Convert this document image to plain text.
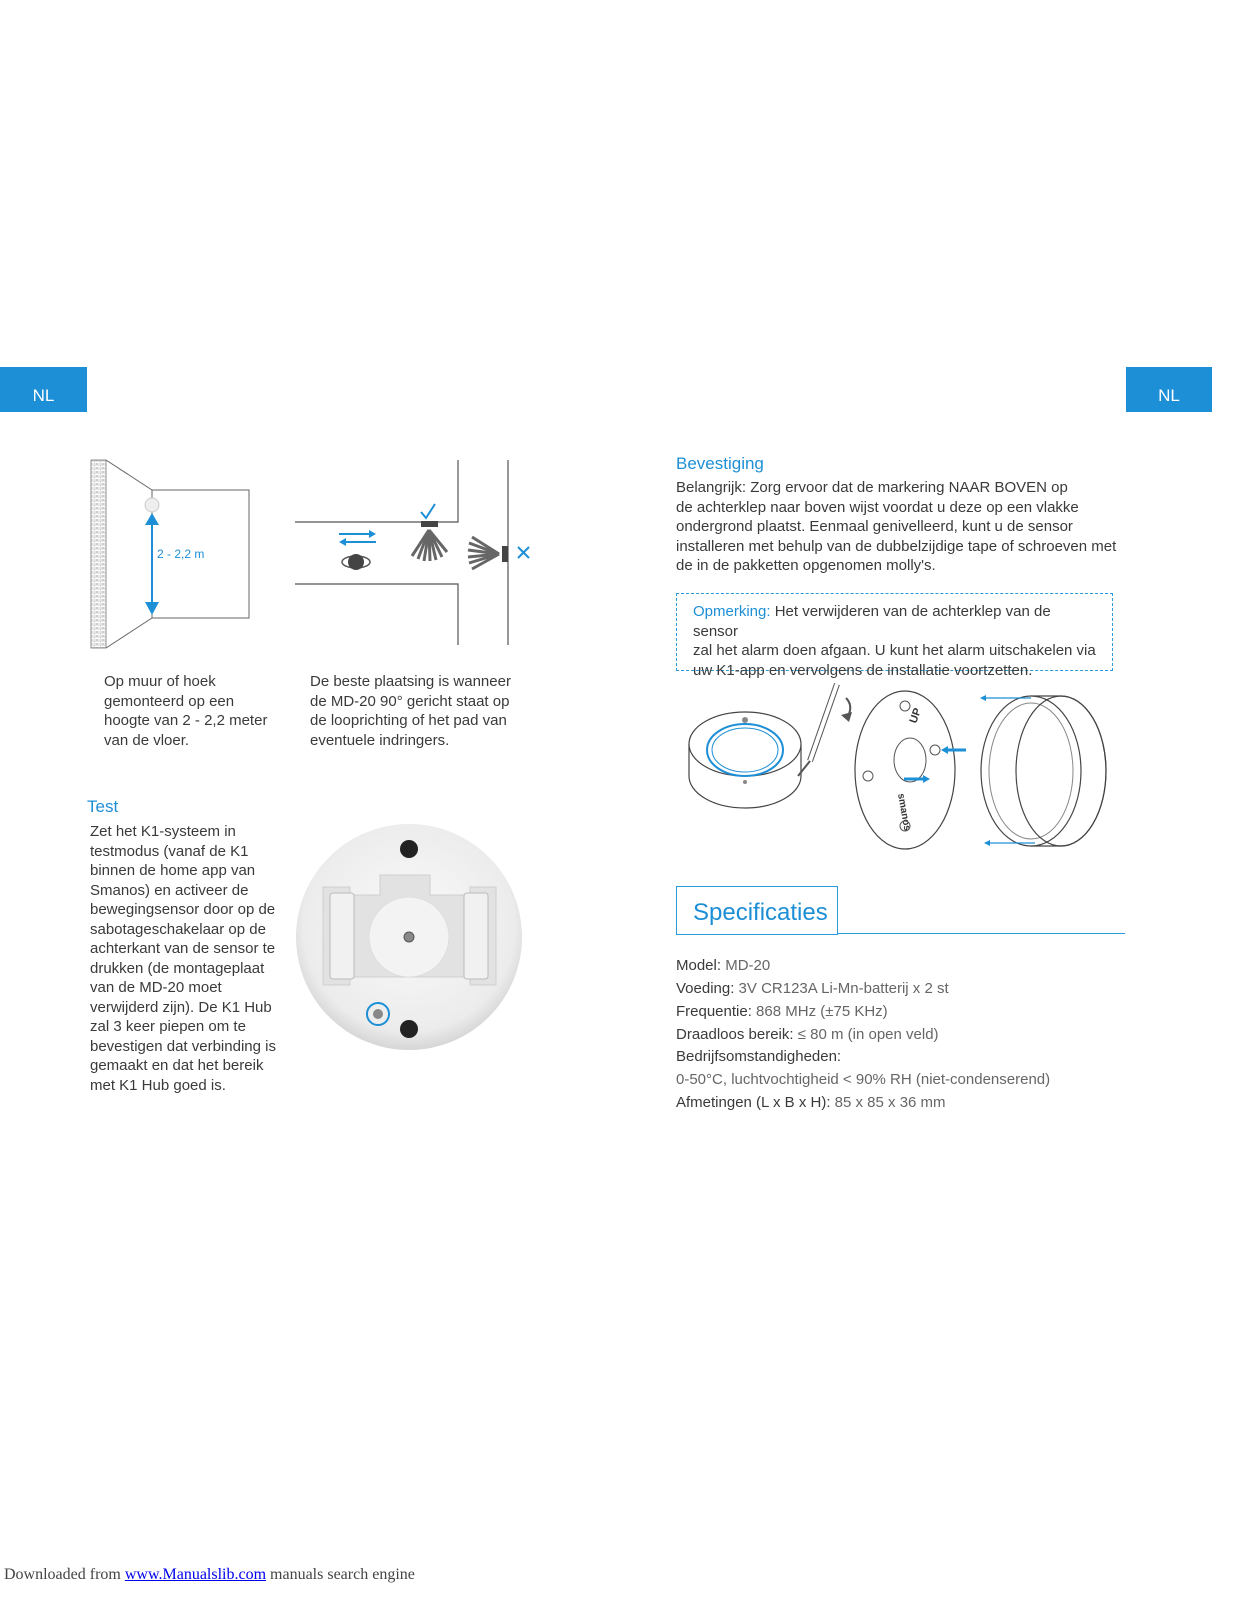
NL	NL
2 - 2,2 m
Op muur of hoek
gemonteerd op een
hoogte van 2 - 2,2 meter
van de vloer.
De beste plaatsing is wanneer
de MD-20 90° gericht staat op
de looprichting of het pad van
eventuele indringers.
Test
Zet het K1-systeem in
testmodus (vanaf de K1
binnen de home app van
Smanos) en activeer de
bewegingsensor door op de
sabotageschakelaar op de
achterkant van de sensor te
drukken (de montageplaat
van de MD-20 moet
verwijderd zijn). De K1 Hub
zal 3 keer piepen om te
bevestigen dat verbinding is
gemaakt en dat het bereik
met K1 Hub goed is.
Bevestiging
Belangrijk: Zorg ervoor dat de markering NAAR BOVEN op
de achterklep naar boven wijst voordat u deze op een vlakke
ondergrond plaatst. Eenmaal genivelleerd, kunt u de sensor
installeren met behulp van de dubbelzijdige tape of schroeven met
de in de pakketten opgenomen molly's.
Opmerking: Het verwijderen van de achterklep van de sensor
zal het alarm doen afgaan. U kunt het alarm uitschakelen via
uw K1-app en vervolgens de installatie voortzetten.
UP
smanos
Specificaties
Model: MD-20
Voeding: 3V CR123A Li-Mn-batterij x 2 st
Frequentie: 868 MHz (±75 KHz)
Draadloos bereik: ≤ 80 m (in open veld)
Bedrijfsomstandigheden:
0-50°C, luchtvochtigheid < 90% RH (niet-condenserend)
Afmetingen (L x B x H): 85 x 85 x 36 mm
Downloaded from www.Manualslib.com manuals search engine
